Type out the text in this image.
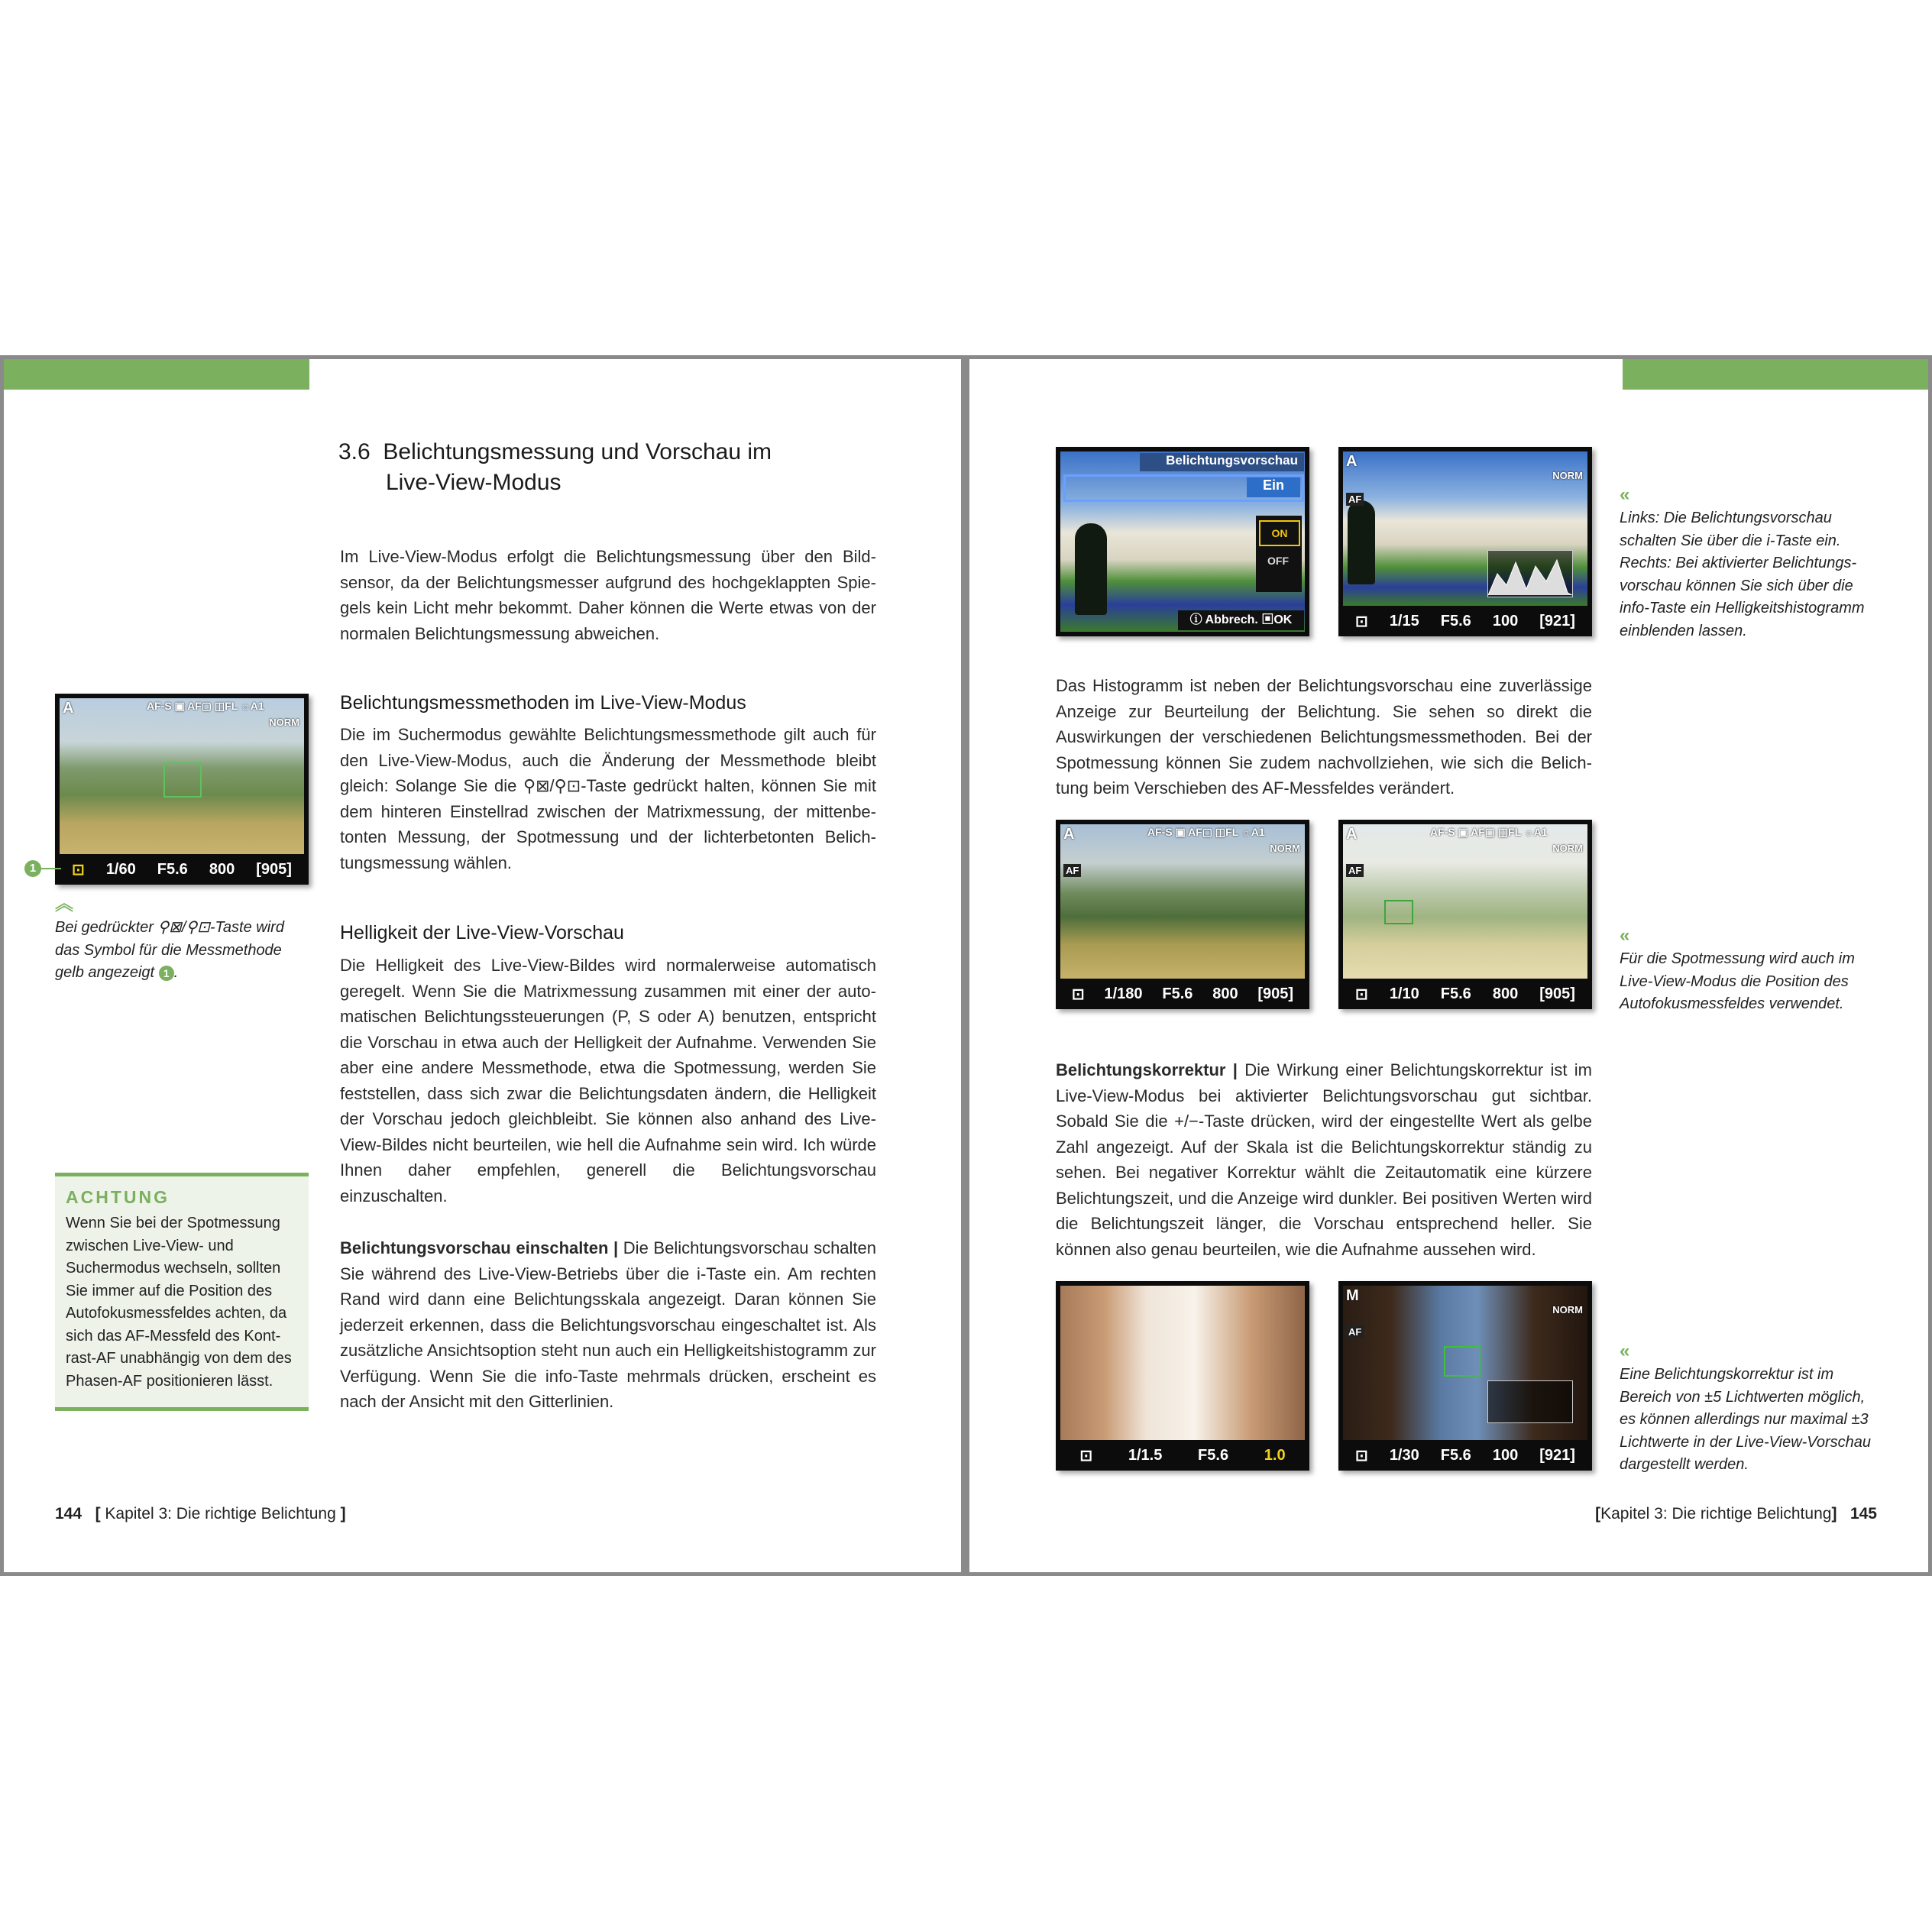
3.6 Belichtungsmessung und Vorschau im
Live-View-Modus
Im Live-View-Modus erfolgt die Belichtungsmessung über den Bildsensor, da der Belichtungsmesser aufgrund des hochgeklappten Spiegels kein Licht mehr bekommt. Daher können die Werte etwas von der normalen Belichtungsmessung abweichen.
Belichtungsmessmethoden im Live-View-Modus
Die im Suchermodus gewählte Belichtungsmessmethode gilt auch für den Live-View-Modus, auch die Änderung der Messmethode bleibt gleich: Solange Sie die ⚲⊠/⚲⊡-Taste gedrückt halten, können Sie mit dem hinteren Einstellrad zwischen der Matrixmessung, der mittenbetonten Messung, der Spotmessung und der lichterbetonten Belichtungsmessung wählen.
Helligkeit der Live-View-Vorschau
Die Helligkeit des Live-View-Bildes wird normalerweise automatisch geregelt. Wenn Sie die Matrixmessung zusammen mit einer der automatischen Belichtungssteuerungen (P, S oder A) benutzen, entspricht die Vorschau in etwa auch der Helligkeit der Aufnahme. Verwenden Sie aber eine andere Messmethode, etwa die Spotmessung, werden Sie feststellen, dass sich zwar die Belichtungsdaten ändern, die Helligkeit der Vorschau jedoch gleichbleibt. Sie können also anhand des Live-View-Bildes nicht beurteilen, wie hell die Aufnahme sein wird. Ich würde Ihnen daher empfehlen, generell die Belichtungsvorschau einzuschalten.
Belichtungsvorschau einschalten | Die Belichtungsvorschau schalten Sie während des Live-View-Betriebs über die i-Taste ein. Am rechten Rand wird dann eine Belichtungsskala angezeigt. Daran können Sie jederzeit erkennen, dass die Belichtungsvorschau eingeschaltet ist. Als zusätzliche Ansichtsoption steht nun auch ein Helligkeitshistogramm zur Verfügung. Wenn Sie die info-Taste mehrmals drücken, erscheint es nach der Ansicht mit den Gitterlinien.
A	AF-S ▣ AF▢ ◫FL ☼A1
NORM
⊡ 1/60 F5.6 800 [905]
1
︽
Bei gedrückter ⚲⊠/⚲⊡-Taste wird das Symbol für die Messmethode gelb angezeigt 1 .
ACHTUNG
Wenn Sie bei der Spotmessung zwischen Live-View- und Suchermodus wechseln, sollten Sie immer auf die Position des Autofokusmessfeldes achten, da sich das AF-Messfeld des Kontrast-AF unabhängig von dem des Phasen-AF positionieren lässt.
144 [ Kapitel 3: Die richtige Belichtung ]
Belichtungsvorschau
Ein
ON
OFF
ⓘ Abbrech. ▣OK
A
NORM
AF
⊡ 1/15 F5.6 100 [921]
«
Links: Die Belichtungsvorschau schalten Sie über die i-Taste ein. Rechts: Bei aktivierter Belichtungsvorschau können Sie sich über die info-Taste ein Helligkeitshistogramm einblenden lassen.
Das Histogramm ist neben der Belichtungsvorschau eine zuverlässige Anzeige zur Beurteilung der Belichtung. Sie sehen so direkt die Auswirkungen der verschiedenen Belichtungsmessmethoden. Bei der Spotmessung können Sie zudem nachvollziehen, wie sich die Belichtung beim Verschieben des AF-Messfeldes verändert.
A	AF-S ▣ AF▢ ◫FL ☼A1
NORM
AF
⊡ 1/180 F5.6 800 [905]
A	AF-S ▣ AF▢ ◫FL ☼A1
NORM
AF
⊡ 1/10 F5.6 800 [905]
«
Für die Spotmessung wird auch im Live-View-Modus die Position des Autofokusmessfeldes verwendet.
Belichtungskorrektur | Die Wirkung einer Belichtungskorrektur ist im Live-View-Modus bei aktivierter Belichtungsvorschau gut sichtbar. Sobald Sie die +/−-Taste drücken, wird der eingestellte Wert als gelbe Zahl angezeigt. Auf der Skala ist die Belichtungskorrektur ständig zu sehen. Bei negativer Korrektur wählt die Zeitautomatik eine kürzere Belichtungszeit, und die Anzeige wird dunkler. Bei positiven Werten wird die Belichtungszeit länger, die Vorschau entsprechend heller. Sie können also genau beurteilen, wie die Aufnahme aussehen wird.
⊡ 1/1.5 F5.6 1.0
M
NORM
AF
⊡ 1/30 F5.6 100 [921]
«
Eine Belichtungskorrektur ist im Bereich von ±5 Lichtwerten möglich, es können allerdings nur maximal ±3 Lichtwerte in der Live-View-Vorschau dargestellt werden.
[Kapitel 3: Die richtige Belichtung] 145
